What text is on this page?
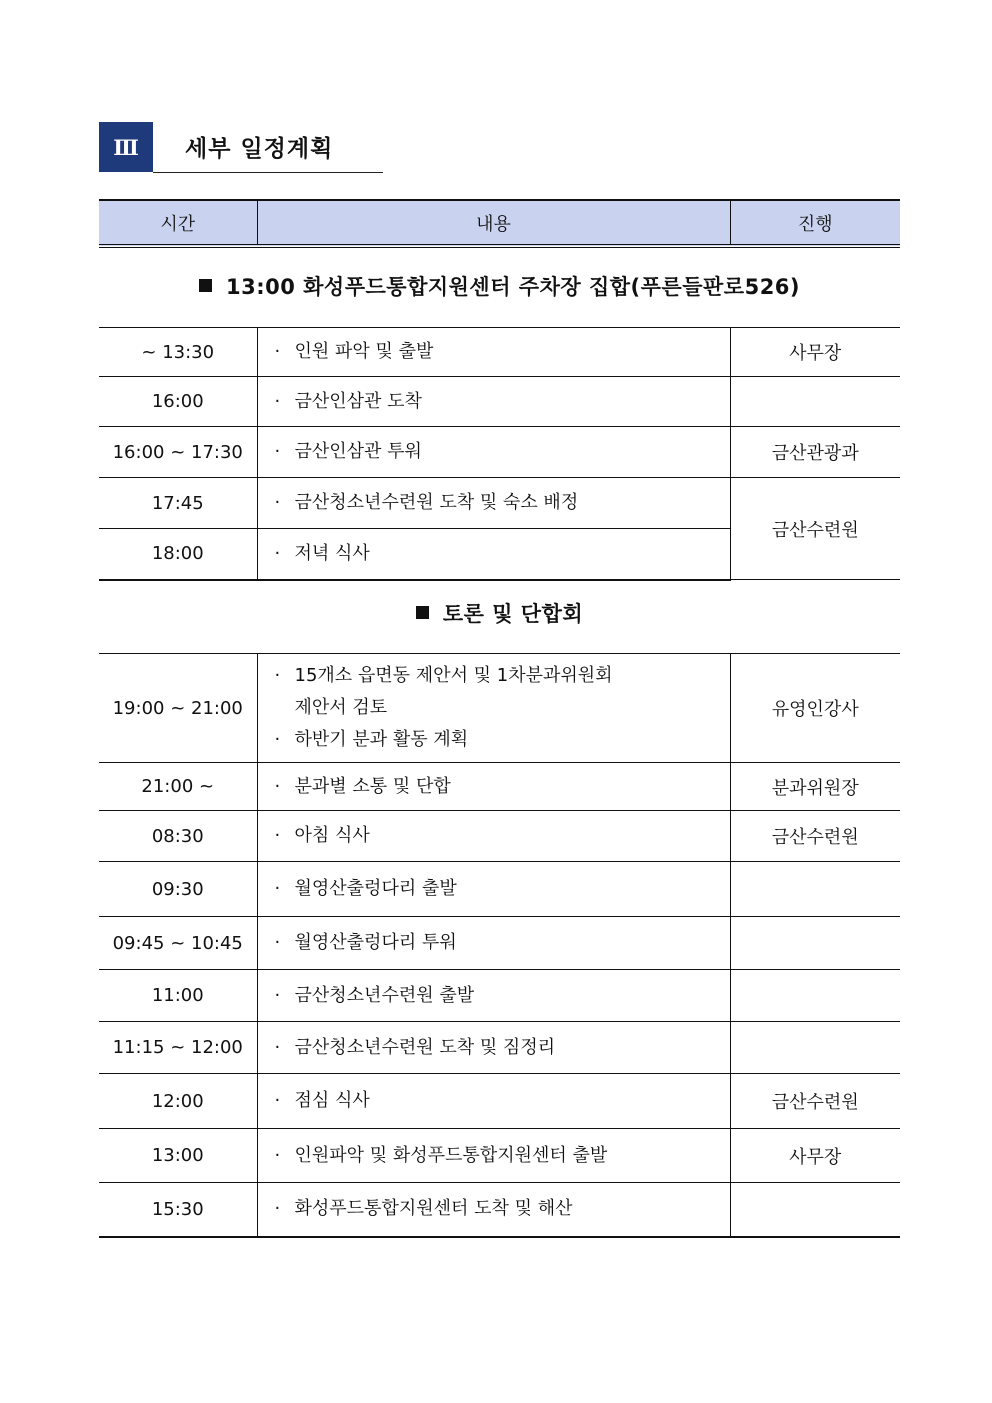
Ⅲ	세부 일정계획
시간	내용	진행
13:00 화성푸드통합지원센터 주차장 집합(푸른들판로526)
~ 13:30	· 인원 파악 및 출발	사무장
16:00	· 금산인삼관 도착	
16:00 ~ 17:30	· 금산인삼관 투워	금산관광과
17:45	· 금산청소년수련원 도착 및 숙소 배정	금산수련원
18:00	· 저녁 식사	
토론 및 단합회
19:00 ~ 21:00	· 15개소 읍면동 제안서 및 1차분과위원회
제안서 검토
· 하반기 분과 활동 계획	유영인강사
21:00 ~	· 분과별 소통 및 단합	분과위원장
08:30	· 아침 식사	금산수련원
09:30	· 월영산출렁다리 출발	
09:45 ~ 10:45	· 월영산출렁다리 투워	
11:00	· 금산청소년수련원 출발	
11:15 ~ 12:00	· 금산청소년수련원 도착 및 짐정리	
12:00	· 점심 식사	금산수련원
13:00	· 인원파악 및 화성푸드통합지원센터 출발	사무장
15:30	· 화성푸드통합지원센터 도착 및 해산	
